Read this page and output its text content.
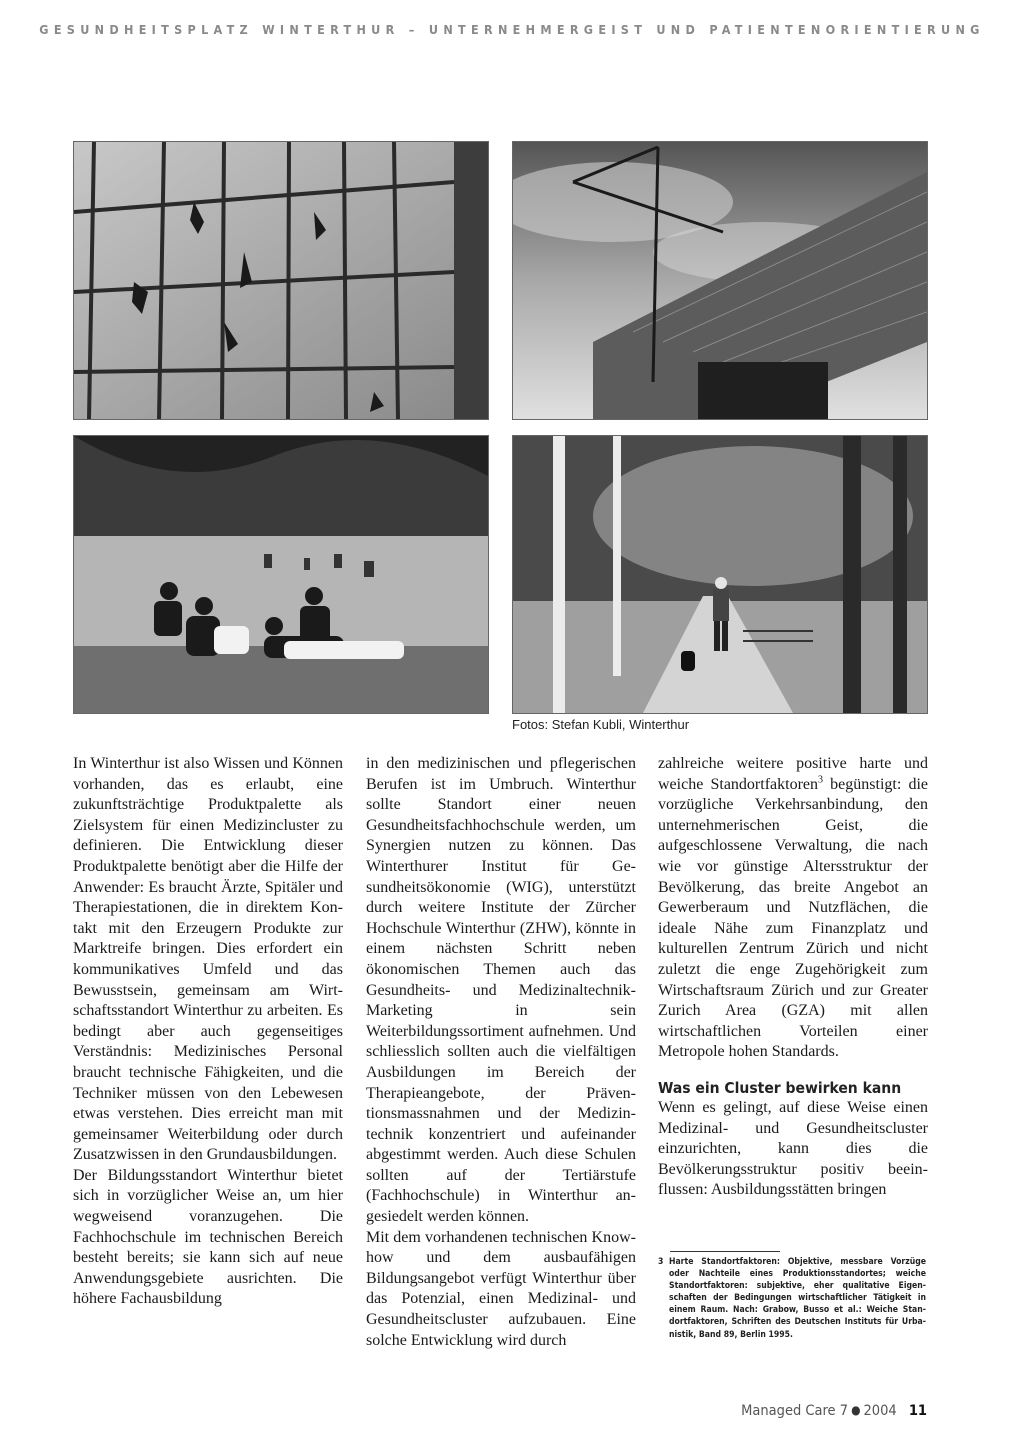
GESUNDHEITSPLATZ WINTERTHUR – UNTERNEHMERGEIST UND PATIENTENORIENTIERUNG
Fotos: Stefan Kubli, Winterthur

In Winterthur ist also Wissen und Können vorhanden, das es erlaubt, eine zukunftsträchtige Produktpalette als Zielsystem für einen Medizincluster zu definieren. Die Entwicklung dieser Produktpalette benötigt aber die Hilfe der Anwender: Es braucht Ärzte, Spitäler und Therapiestationen, die in direktem Kontakt mit den Erzeugern Produkte zur Marktreife bringen. Dies erfordert ein kommunikatives Umfeld und das Bewusstsein, gemeinsam am Wirtschaftsstandort Winterthur zu arbeiten. Es bedingt aber auch gegenseitiges Verständnis: Medizinisches Personal braucht technische Fähigkeiten, und die Techniker müssen von den Lebewesen etwas verstehen. Dies erreicht man mit gemeinsamer Weiterbildung oder durch Zusatzwissen in den Grundausbildungen.

Der Bildungsstandort Winterthur bietet sich in vorzüglicher Weise an, um hier wegweisend voranzugehen. Die Fachhochschule im technischen Bereich besteht bereits; sie kann sich auf neue Anwendungsgebiete ausrichten. Die höhere Fachausbildung

in den medizinischen und pflegerischen Berufen ist im Umbruch. Winterthur sollte Standort einer neuen Gesundheitsfachhochschule werden, um Synergien nutzen zu können. Das Winterthurer Institut für Gesundheitsökonomie (WIG), unterstützt durch weitere Institute der Zürcher Hochschule Winterthur (ZHW), könnte in einem nächsten Schritt neben ökonomischen Themen auch das Gesundheits- und Medizinaltechnik-Marketing in sein Weiterbildungssortiment aufnehmen. Und schliesslich sollten auch die vielfältigen Ausbildungen im Bereich der Therapieangebote, der Präventionsmassnahmen und der Medizintechnik konzentriert und aufeinander abgestimmt werden. Auch diese Schulen sollten auf der Tertiärstufe (Fachhochschule) in Winterthur angesiedelt werden können.

Mit dem vorhandenen technischen Know-how und dem ausbaufähigen Bildungsangebot verfügt Winterthur über das Potenzial, einen Medizinal- und Gesundheitscluster aufzubauen. Eine solche Entwicklung wird durch

zahlreiche weitere positive harte und weiche Standortfaktoren$^3$ begünstigt: die vorzügliche Verkehrsanbindung, den unternehmerischen Geist, die aufgeschlossene Verwaltung, die nach wie vor günstige Altersstruktur der Bevölkerung, das breite Angebot an Gewerberaum und Nutzflächen, die ideale Nähe zum Finanzplatz und kulturellen Zentrum Zürich und nicht zuletzt die enge Zugehörigkeit zum Wirtschaftsraum Zürich und zur Greater Zurich Area (GZA) mit allen wirtschaftlichen Vorteilen einer Metropole hohen Standards.

Was ein Cluster bewirken kann

Wenn es gelingt, auf diese Weise einen Medizinal- und Gesundheitscluster einzurichten, kann dies die Bevölkerungsstruktur positiv beeinflussen: Ausbildungsstätten bringen

3 Harte Standortfaktoren: Objektive, messbare Vorzüge oder Nachteile eines Produktionsstandortes; weiche Standortfaktoren: subjektive, eher qualitative Eigenschaften der Bedingungen wirtschaftlicher Tätigkeit in einem Raum. Nach: Grabow, Busso et al.: Weiche Standortfaktoren, Schriften des Deutschen Instituts für Urbanistik, Band 89, Berlin 1995.
Managed Care 7 ● 2004 11
